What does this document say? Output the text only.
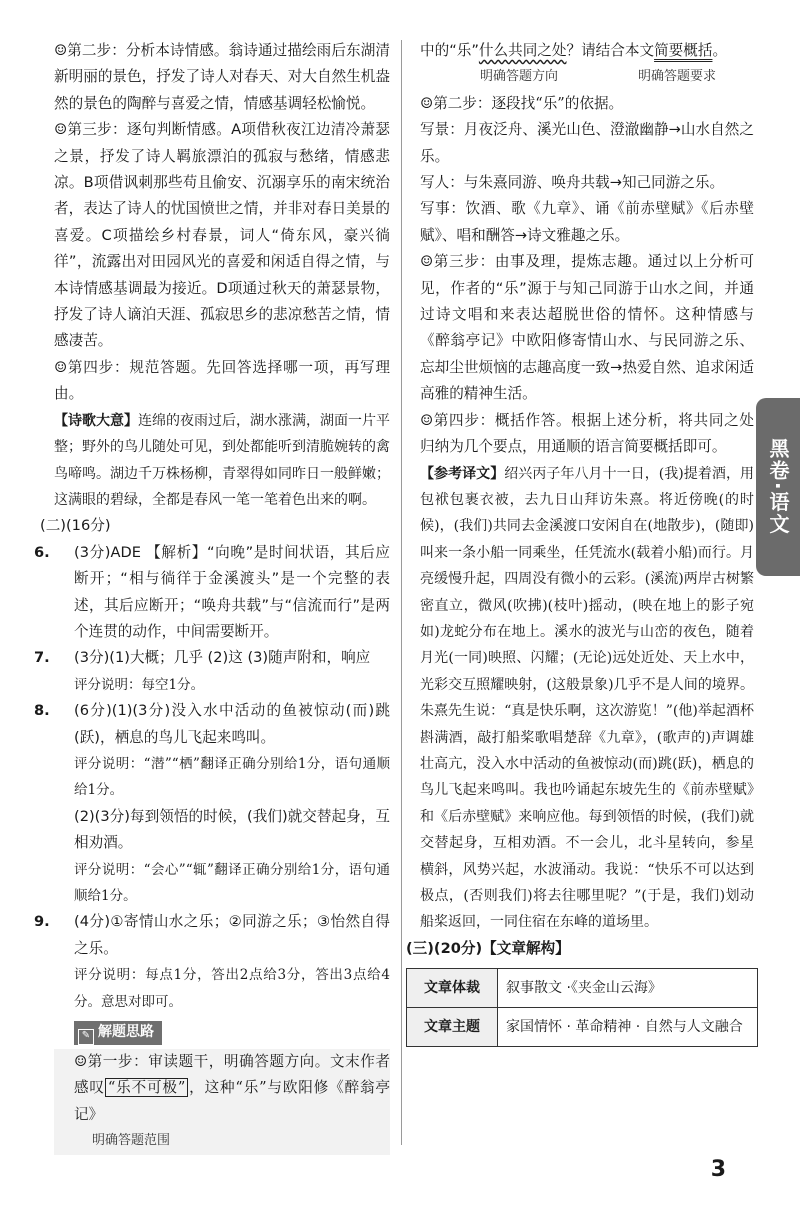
☺第二步：分析本诗情感。翁诗通过描绘雨后东湖清新明丽的景色，抒发了诗人对春天、对大自然生机盎然的景色的陶醉与喜爱之情，情感基调轻松愉悦。

☺第三步：逐句判断情感。A项借秋夜江边清冷萧瑟之景，抒发了诗人羁旅漂泊的孤寂与愁绪，情感悲凉。B项借讽刺那些苟且偷安、沉溺享乐的南宋统治者，表达了诗人的忧国愤世之情，并非对春日美景的喜爱。C项描绘乡村春景，词人“倚东风，豪兴徜徉”，流露出对田园风光的喜爱和闲适自得之情，与本诗情感基调最为接近。D项通过秋天的萧瑟景物，抒发了诗人谪泊天涯、孤寂思乡的悲凉愁苦之情，情感凄苦。

☺第四步：规范答题。先回答选择哪一项，再写理由。

【诗歌大意】连绵的夜雨过后，湖水涨满，湖面一片平整；野外的鸟儿随处可见，到处都能听到清脆婉转的禽鸟啼鸣。湖边千万株杨柳，青翠得如同昨日一般鲜嫩；这满眼的碧绿，全都是春风一笔一笔着色出来的啊。

(二)(16分)

6. (3分)ADE 【解析】“向晚”是时间状语，其后应断开；“相与徜徉于金溪渡头”是一个完整的表述，其后应断开；“唤舟共载”与“信流而行”是两个连贯的动作，中间需要断开。

7. (3分)(1)大概；几乎 (2)这 (3)随声附和，响应

评分说明：每空1分。

8. (6分)(1)(3分)没入水中活动的鱼被惊动(而)跳(跃)，栖息的鸟儿飞起来鸣叫。

评分说明：“潜”“栖”翻译正确分别给1分，语句通顺给1分。

(2)(3分)每到领悟的时候，(我们)就交替起身，互相劝酒。

评分说明：“会心”“辄”翻译正确分别给1分，语句通顺给1分。

9. (4分)①寄情山水之乐；②同游之乐；③怡然自得之乐。

评分说明：每点1分，答出2点给3分，答出3点给4分。意思对即可。

✎ 解题思路

☺第一步：审读题干，明确答题方向。文末作者感叹 “乐不可极” ，这种“乐”与欧阳修《醉翁亭记》

明确答题范围

中的“乐”什么共同之处？请结合本文简要概括。

明确答题方向	明确答题要求

☺第二步：逐段找“乐”的依据。

写景：月夜泛舟、溪光山色、澄澈幽静→山水自然之乐。

写人：与朱熹同游、唤舟共载→知己同游之乐。

写事：饮酒、歌《九章》、诵《前赤壁赋》《后赤壁赋》、唱和酬答→诗文雅趣之乐。

☺第三步：由事及理，提炼志趣。通过以上分析可见，作者的“乐”源于与知己同游于山水之间，并通过诗文唱和来表达超脱世俗的情怀。这种情感与《醉翁亭记》中欧阳修寄情山水、与民同游之乐、忘却尘世烦恼的志趣高度一致→热爱自然、追求闲适高雅的精神生活。

☺第四步：概括作答。根据上述分析，将共同之处归纳为几个要点，用通顺的语言简要概括即可。

【参考译文】绍兴丙子年八月十一日，(我)提着酒，用包袱包裹衣被，去九日山拜访朱熹。将近傍晚(的时候)，(我们)共同去金溪渡口安闲自在(地散步)，(随即)叫来一条小船一同乘坐，任凭流水(载着小船)而行。月亮缓慢升起，四周没有微小的云彩。(溪流)两岸古树繁密直立，微风(吹拂)(枝叶)摇动，(映在地上的影子宛如)龙蛇分布在地上。溪水的波光与山峦的夜色，随着月光(一同)映照、闪耀；(无论)远处近处、天上水中，光彩交互照耀映射，(这般景象)几乎不是人间的境界。朱熹先生说：“真是快乐啊，这次游览！”(他)举起酒杯斟满酒，敲打船桨歌唱楚辞《九章》，(歌声的)声调雄壮高亢，没入水中活动的鱼被惊动(而)跳(跃)，栖息的鸟儿飞起来鸣叫。我也吟诵起东坡先生的《前赤壁赋》和《后赤壁赋》来响应他。每到领悟的时候，(我们)就交替起身，互相劝酒。不一会儿，北斗星转向，参星横斜，风势兴起，水波涌动。我说：“快乐不可以达到极点，(否则我们)将去往哪里呢？”(于是，我们)划动船桨返回，一同住宿在东峰的道场里。

(三)(20分)【文章解构】

文章体裁	叙事散文 ·《夹金山云海》
文章主题	家国情怀 · 革命精神 · 自然与人文融合
黑卷·语文
3
